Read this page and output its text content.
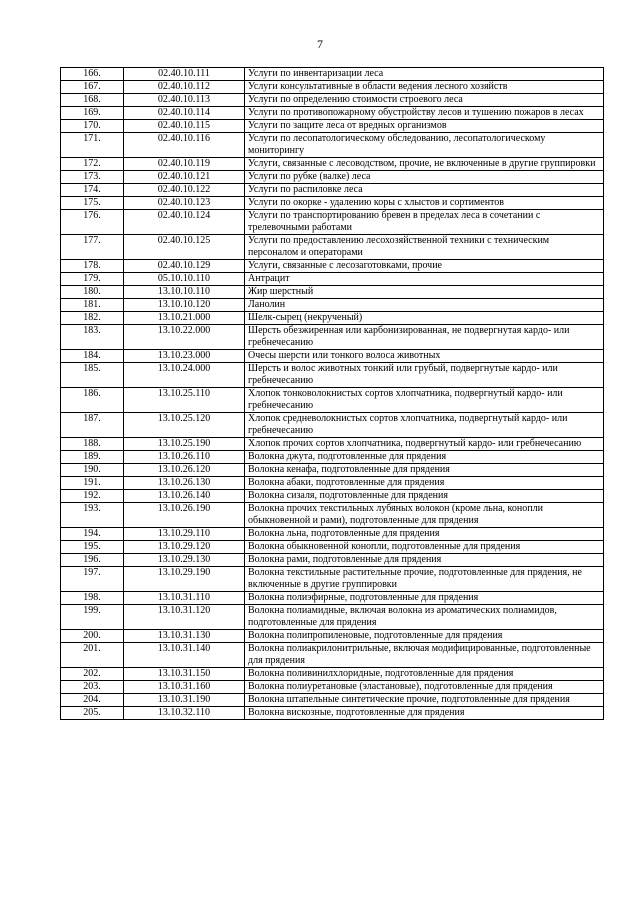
7
166.	02.40.10.111	Услуги по инвентаризации леса
167.	02.40.10.112	Услуги консультативные в области ведения лесного хозяйств
168.	02.40.10.113	Услуги по определению стоимости строевого леса
169.	02.40.10.114	Услуги по противопожарному обустройству лесов и тушению пожаров в лесах
170.	02.40.10.115	Услуги по защите леса от вредных организмов
171.	02.40.10.116	Услуги по лесопатологическому обследованию, лесопатологическому мониторингу
172.	02.40.10.119	Услуги, связанные с лесоводством, прочие, не включенные в другие группировки
173.	02.40.10.121	Услуги по рубке (валке) леса
174.	02.40.10.122	Услуги по распиловке леса
175.	02.40.10.123	Услуги по окорке - удалению коры с хлыстов и сортиментов
176.	02.40.10.124	Услуги по транспортированию бревен в пределах леса в сочетании с трелевочными работами
177.	02.40.10.125	Услуги по предоставлению лесохозяйственной техники с техническим персоналом и операторами
178.	02.40.10.129	Услуги, связанные с лесозаготовками, прочие
179.	05.10.10.110	Антрацит
180.	13.10.10.110	Жир шерстный
181.	13.10.10.120	Ланолин
182.	13.10.21.000	Шелк-сырец (некрученый)
183.	13.10.22.000	Шерсть обезжиренная или карбонизированная, не подвергнутая кардо- или гребнечесанию
184.	13.10.23.000	Очесы шерсти или тонкого волоса животных
185.	13.10.24.000	Шерсть и волос животных тонкий или грубый, подвергнутые кардо- или гребнечесанию
186.	13.10.25.110	Хлопок тонковолокнистых сортов хлопчатника, подвергнутый кардо- или гребнечесанию
187.	13.10.25.120	Хлопок средневолокнистых сортов хлопчатника, подвергнутый кардо- или гребнечесанию
188.	13.10.25.190	Хлопок прочих сортов хлопчатника, подвергнутый кардо- или гребнечесанию
189.	13.10.26.110	Волокна джута, подготовленные для прядения
190.	13.10.26.120	Волокна кенафа, подготовленные для прядения
191.	13.10.26.130	Волокна абаки, подготовленные для прядения
192.	13.10.26.140	Волокна сизаля, подготовленные для прядения
193.	13.10.26.190	Волокна прочих текстильных лубяных волокон (кроме льна, конопли обыкновенной и рами), подготовленные для прядения
194.	13.10.29.110	Волокна льна, подготовленные для прядения
195.	13.10.29.120	Волокна обыкновенной конопли, подготовленные для прядения
196.	13.10.29.130	Волокна рами, подготовленные для прядения
197.	13.10.29.190	Волокна текстильные растительные прочие, подготовленные для прядения, не включенные в другие группировки
198.	13.10.31.110	Волокна полиэфирные, подготовленные для прядения
199.	13.10.31.120	Волокна полиамидные, включая волокна из ароматических полиамидов, подготовленные для прядения
200.	13.10.31.130	Волокна полипропиленовые, подготовленные для прядения
201.	13.10.31.140	Волокна полиакрилонитрильные, включая модифицированные, подготовленные для прядения
202.	13.10.31.150	Волокна поливинилхлоридные, подготовленные для прядения
203.	13.10.31.160	Волокна полиуретановые (эластановые), подготовленные для прядения
204.	13.10.31.190	Волокна штапельные синтетические прочие, подготовленные для прядения
205.	13.10.32.110	Волокна вискозные, подготовленные для прядения
